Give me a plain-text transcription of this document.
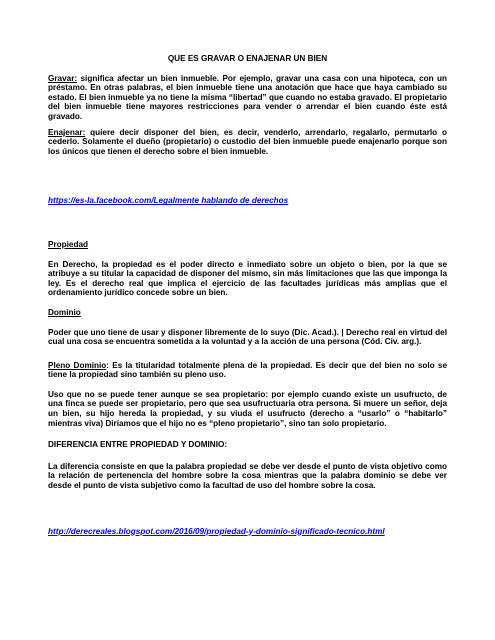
QUE ES GRAVAR O ENAJENAR UN BIEN

Gravar: significa afectar un bien inmueble. Por ejemplo, gravar una casa con una hipoteca, con un préstamo. En otras palabras, el bien inmueble tiene una anotación que hace que haya cambiado su estado. El bien inmueble ya no tiene la misma “libertad” que cuando no estaba gravado. El propietario del bien inmueble tiene mayores restricciones para vender o arrendar el bien cuando éste está gravado.

Enajenar: quiere decir disponer del bien, es decir, venderlo, arrendarlo, regalarlo, permutarlo o cederlo. Solamente el dueño (propietario) o custodio del bien inmueble puede enajenarlo porque son los únicos que tienen el derecho sobre el bien inmueble.

https://es-la.facebook.com/Legalmente hablando de derechos

Propiedad

En Derecho, la propiedad es el poder directo e inmediato sobre un objeto o bien, por la que se atribuye a su titular la capacidad de disponer del mismo, sin más limitaciones que las que imponga la ley. Es el derecho real que implica el ejercicio de las facultades jurídicas más amplias que el ordenamiento jurídico concede sobre un bien.

Dominio

Poder que uno tiene de usar y disponer libremente de lo suyo (Dic. Acad.). | Derecho real en virtud del cual una cosa se encuentra sometida a la voluntad y a la acción de una persona (Cód. Civ. arg.).

Pleno Dominio: Es la titularidad totalmente plena de la propiedad. Es decir que del bien no solo se tiene la propiedad sino también su pleno uso.

Uso que no se puede tener aunque se sea propietario: por ejemplo cuando existe un usufructo, de una finca se puede ser propietario, pero que sea usufructuaria otra persona. Si muere un señor, deja un bien, su hijo hereda la propiedad, y su viuda el usufructo (derecho a “usarlo” o “habitarlo” mientras viva) Diríamos que el hijo no es “pleno propietario”, sino tan solo propietario.

DIFERENCIA ENTRE PROPIEDAD Y DOMINIO:

La diferencia consiste en que la palabra propiedad se debe ver desde el punto de vista objetivo como la relación de pertenencia del hombre sobre la cosa mientras que la palabra dominio se debe ver desde el punto de vista subjetivo como la facultad de uso del hombre sobre la cosa.

http://derecreales.blogspot.com/2016/09/propiedad-y-dominio-significado-tecnico.html
